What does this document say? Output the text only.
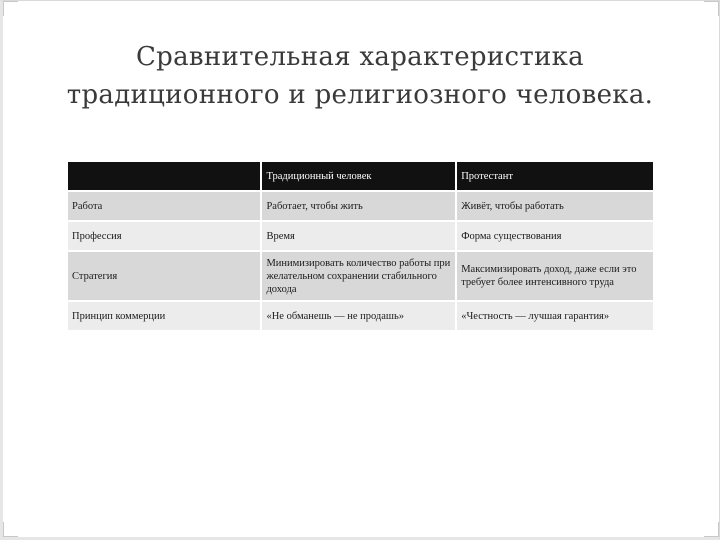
Сравнительная характеристика
традиционного и религиозного человека.
	Традиционный человек	Протестант
Работа	Работает, чтобы жить	Живёт, чтобы работать
Профессия	Время	Форма существования
Стратегия	Минимизировать количество работы при желательном сохранении стабильного дохода	Максимизировать доход, даже если это требует более интенсивного труда
Принцип коммерции	«Не обманешь — не продашь»	«Честность — лучшая гарантия»
